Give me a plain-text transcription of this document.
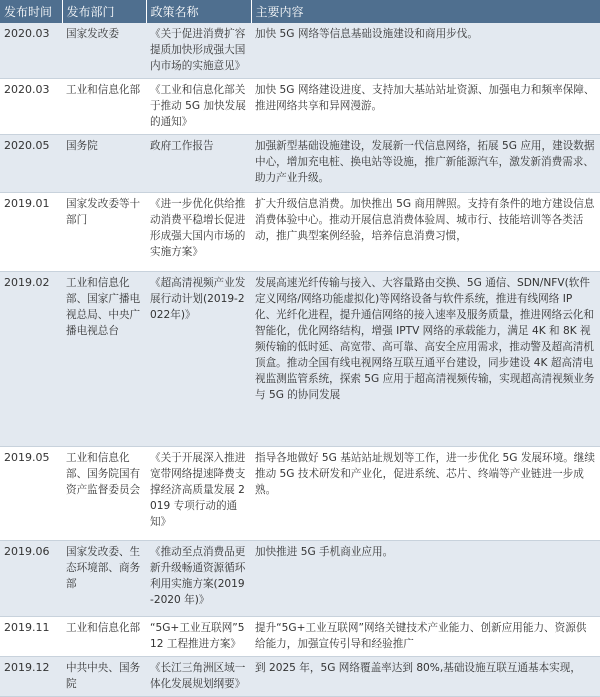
发布时间	发布部门	政策名称	主要内容
2020.03	国家发改委	《关于促进消费扩容提质加快形成强大国内市场的实施意见》	加快 5G 网络等信息基础设施建设和商用步伐。
2020.03	工业和信息化部	《工业和信息化部关于推动 5G 加快发展的通知》	加快 5G 网络建设进度、支持加大基站站址资源、加强电力和频率保障、推进网络共享和异网漫游。
2020.05	国务院	政府工作报告	加强新型基础设施建设，发展新一代信息网络，拓展 5G 应用，建设数据中心，增加充电桩、换电站等设施，推广新能源汽车，激发新消费需求、助力产业升级。
2019.01	国家发改委等十部门	《进一步优化供给推动消费平稳增长促进形成强大国内市场的实施方案》	扩大升级信息消费。加快推出 5G 商用牌照。支持有条件的地方建设信息消费体验中心。推动开展信息消费体验周、城市行、技能培训等各类活动，推广典型案例经验，培养信息消费习惯，
2019.02	工业和信息化部、国家广播电视总局、中央广播电视总台	《超高清视频产业发展行动计划(2019-2022年)》	发展高速光纤传输与接入、大容量路由交换、5G 通信、SDN/NFV(软件定义网络/网络功能虚拟化)等网络设备与软件系统，推进有线网络 IP 化、光纤化进程，提升通信网络的接入速率及服务质量，推进网络云化和智能化，优化网络结构，增强 IPTV 网络的承载能力，满足 4K 和 8K 视频传输的低时延、高宽带、高可靠、高安全应用需求，推动警及超高清机顶盒。推动全国有线电视网络互联互通平台建设，同步建设 4K 超高清电视监测监管系统，探索 5G 应用于超高清视频传输，实现超高清视频业务与 5G 的协同发展
2019.05	工业和信息化部、国务院国有资产监督委员会	《关于开展深入推进宽带网络提速降费支撑经济高质量发展 2019 专项行动的通知》	指导各地做好 5G 基站站址规划等工作，进一步优化 5G 发展环境。继续推动 5G 技术研发和产业化，促进系统、芯片、终端等产业链进一步成熟。
2019.06	国家发改委、生态环境部、商务部	《推动至点消费品更新升级畅通资源循环利用实施方案(2019-2020 年)》	加快推进 5G 手机商业应用。
2019.11	工业和信息化部	“5G+工业互联网”512 工程推进方案》	提升“5G+工业互联网”网络关键技术产业能力、创新应用能力、资源供给能力，加强宣传引导和经验推广
2019.12	中共中央、国务院	《长江三角洲区域一体化发展规划纲要》	到 2025 年，5G 网络覆盖率达到 80%,基础设施互联互通基本实现，
